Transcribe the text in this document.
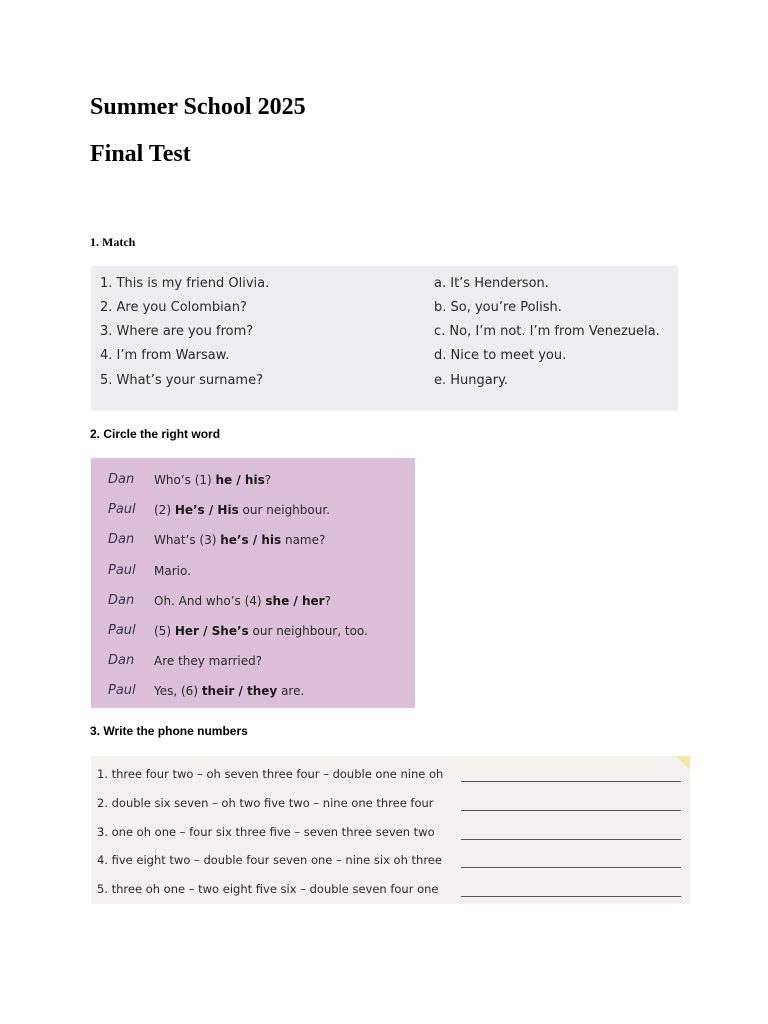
Summer School 2025
Final Test
1. Match
1. This is my friend Olivia.
2. Are you Colombian?
3. Where are you from?
4. I’m from Warsaw.
5. What’s your surname?
a. It’s Henderson.
b. So, you’re Polish.
c. No, I’m not. I’m from Venezuela.
d. Nice to meet you.
e. Hungary.
2. Circle the right word
Dan Who’s (1) he / his?
Paul (2) He’s / His our neighbour.
Dan What’s (3) he’s / his name?
Paul Mario.
Dan Oh. And who’s (4) she / her?
Paul (5) Her / She’s our neighbour, too.
Dan Are they married?
Paul Yes, (6) their / they are.
3. Write the phone numbers
1. three four two – oh seven three four – double one nine oh
2. double six seven – oh two five two – nine one three four
3. one oh one – four six three five – seven three seven two
4. five eight two – double four seven one – nine six oh three
5. three oh one – two eight five six – double seven four one
